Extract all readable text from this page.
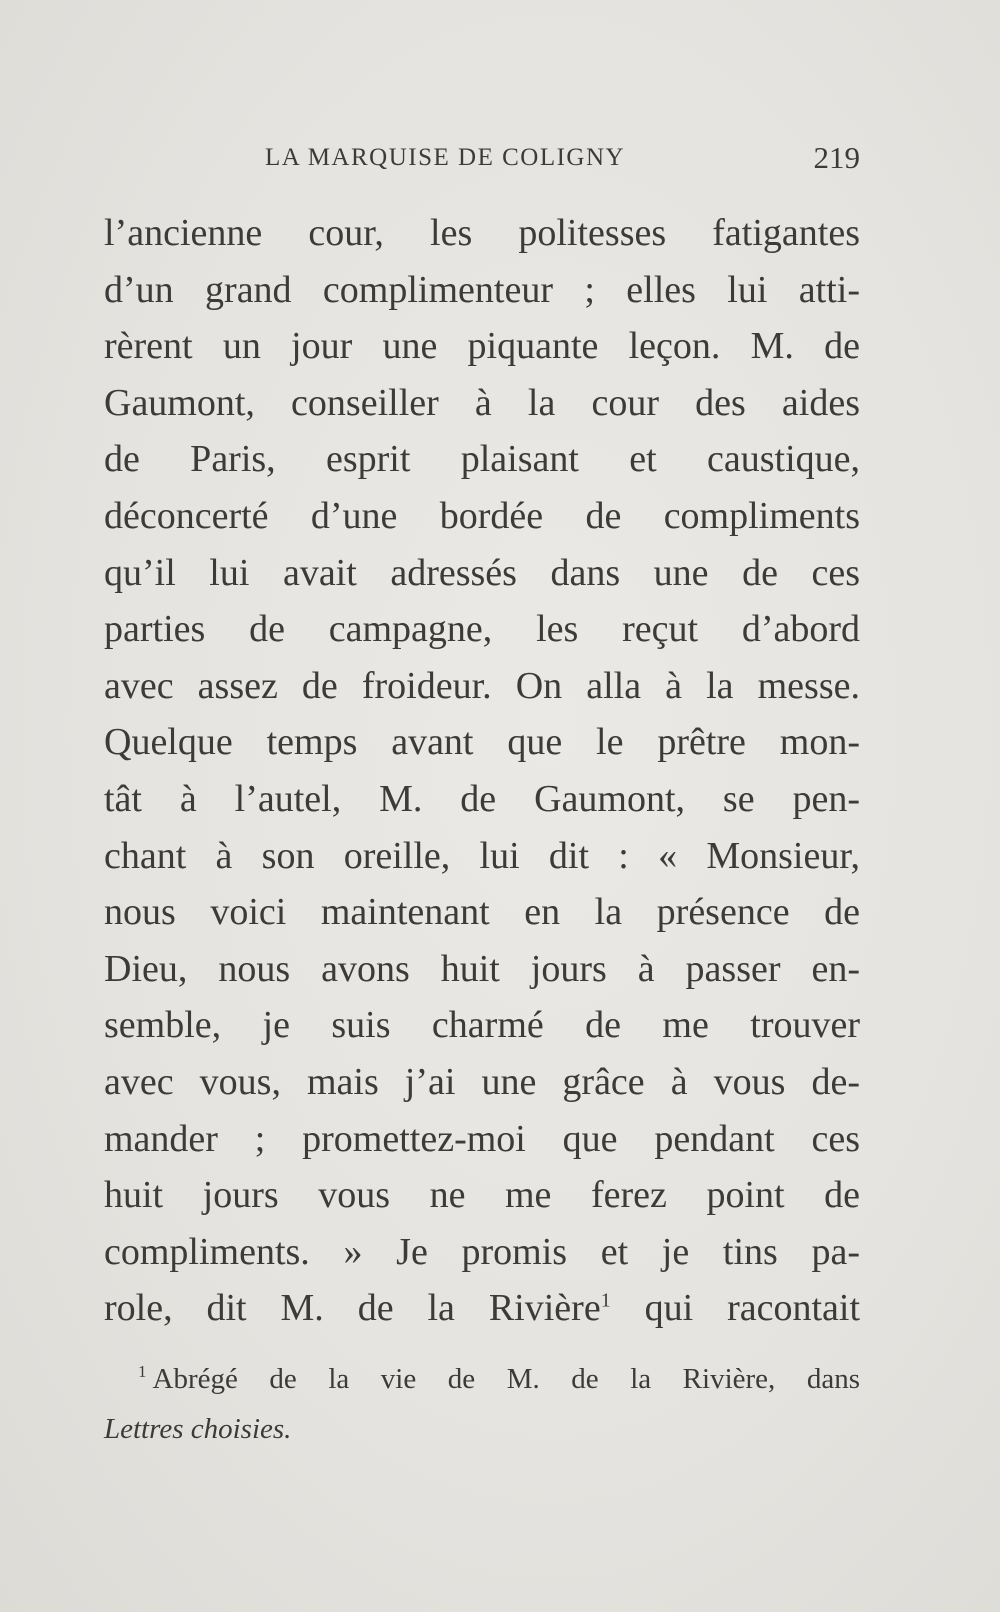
LA MARQUISE DE COLIGNY	219
l’ancienne cour, les politesses fatigantes
d’un grand complimenteur ; elles lui atti-
rèrent un jour une piquante leçon. M. de
Gaumont, conseiller à la cour des aides
de Paris, esprit plaisant et caustique,
déconcerté d’une bordée de compliments
qu’il lui avait adressés dans une de ces
parties de campagne, les reçut d’abord
avec assez de froideur. On alla à la messe.
Quelque temps avant que le prêtre mon-
tât à l’autel, M. de Gaumont, se pen-
chant à son oreille, lui dit : « Monsieur,
nous voici maintenant en la présence de
Dieu, nous avons huit jours à passer en-
semble, je suis charmé de me trouver
avec vous, mais j’ai une grâce à vous de-
mander ; promettez-moi que pendant ces
huit jours vous ne me ferez point de
compliments. » Je promis et je tins pa-
role, dit M. de la Rivière$^1$ qui racontait
$^1$ Abrégé de la vie de M. de la Rivière, dans
Lettres choisies.
